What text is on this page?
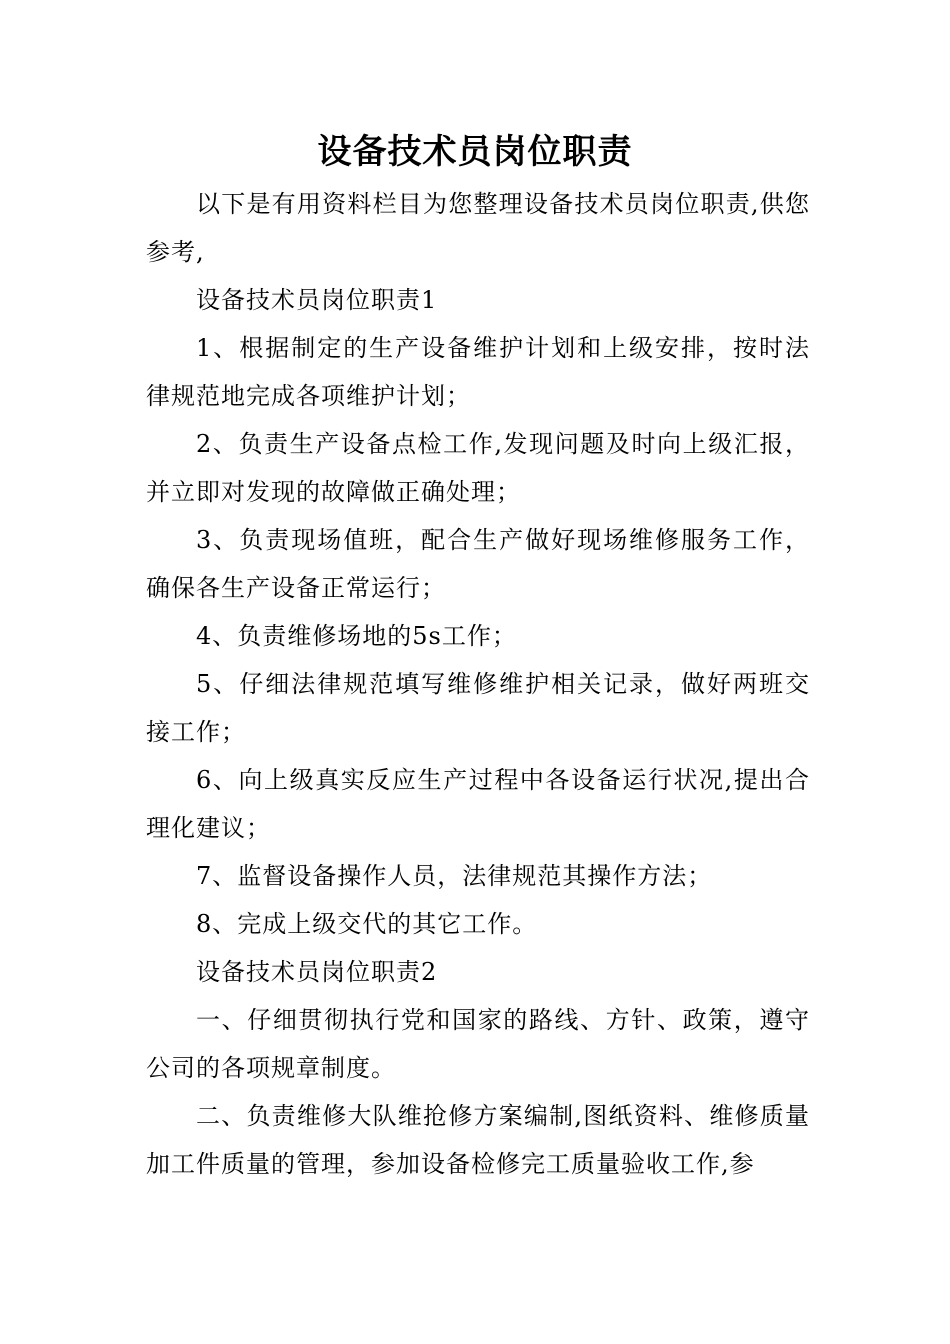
设备技术员岗位职责

以下是有用资料栏目为您整理设备技术员岗位职责,供您参考,

设备技术员岗位职责1

1、根据制定的生产设备维护计划和上级安排，按时法律规范地完成各项维护计划；

2、负责生产设备点检工作,发现问题及时向上级汇报，并立即对发现的故障做正确处理；

3、负责现场值班，配合生产做好现场维修服务工作，确保各生产设备正常运行；

4、负责维修场地的5s工作；

5、仔细法律规范填写维修维护相关记录，做好两班交接工作；

6、向上级真实反应生产过程中各设备运行状况,提出合理化建议；

7、监督设备操作人员，法律规范其操作方法；

8、完成上级交代的其它工作。

设备技术员岗位职责2

一、仔细贯彻执行党和国家的路线、方针、政策，遵守公司的各项规章制度。

二、负责维修大队维抢修方案编制,图纸资料、维修质量加工件质量的管理，参加设备检修完工质量验收工作,参
